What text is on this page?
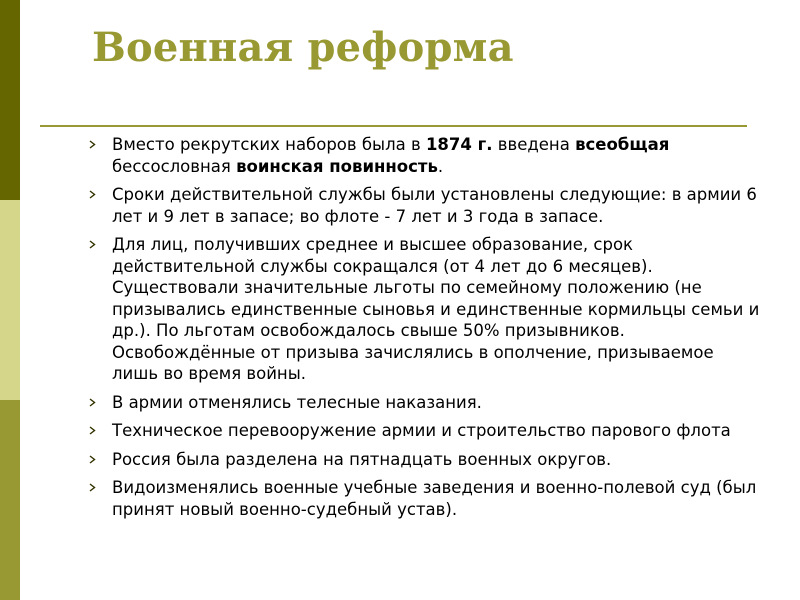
Военная реформа
Вместо рекрутских наборов была в 1874 г. введена всеобщая бессословная воинская повинность.
Сроки действительной службы были установлены следующие: в армии 6 лет и 9 лет в запасе; во флоте - 7 лет и 3 года в запасе.
Для лиц, получивших среднее и высшее образование, срок действительной службы сокращался (от 4 лет до 6 месяцев). Существовали значительные льготы по семейному положению (не призывались единственные сыновья и единственные кормильцы семьи и др.). По льготам освобождалось свыше 50% призывников. Освобождённые от призыва зачислялись в ополчение, призываемое лишь во время войны.
В армии отменялись телесные наказания.
Техническое перевооружение армии и строительство парового флота
Россия была разделена на пятнадцать военных округов.
Видоизменялись военные учебные заведения и военно-полевой суд (был принят новый военно-судебный устав).
